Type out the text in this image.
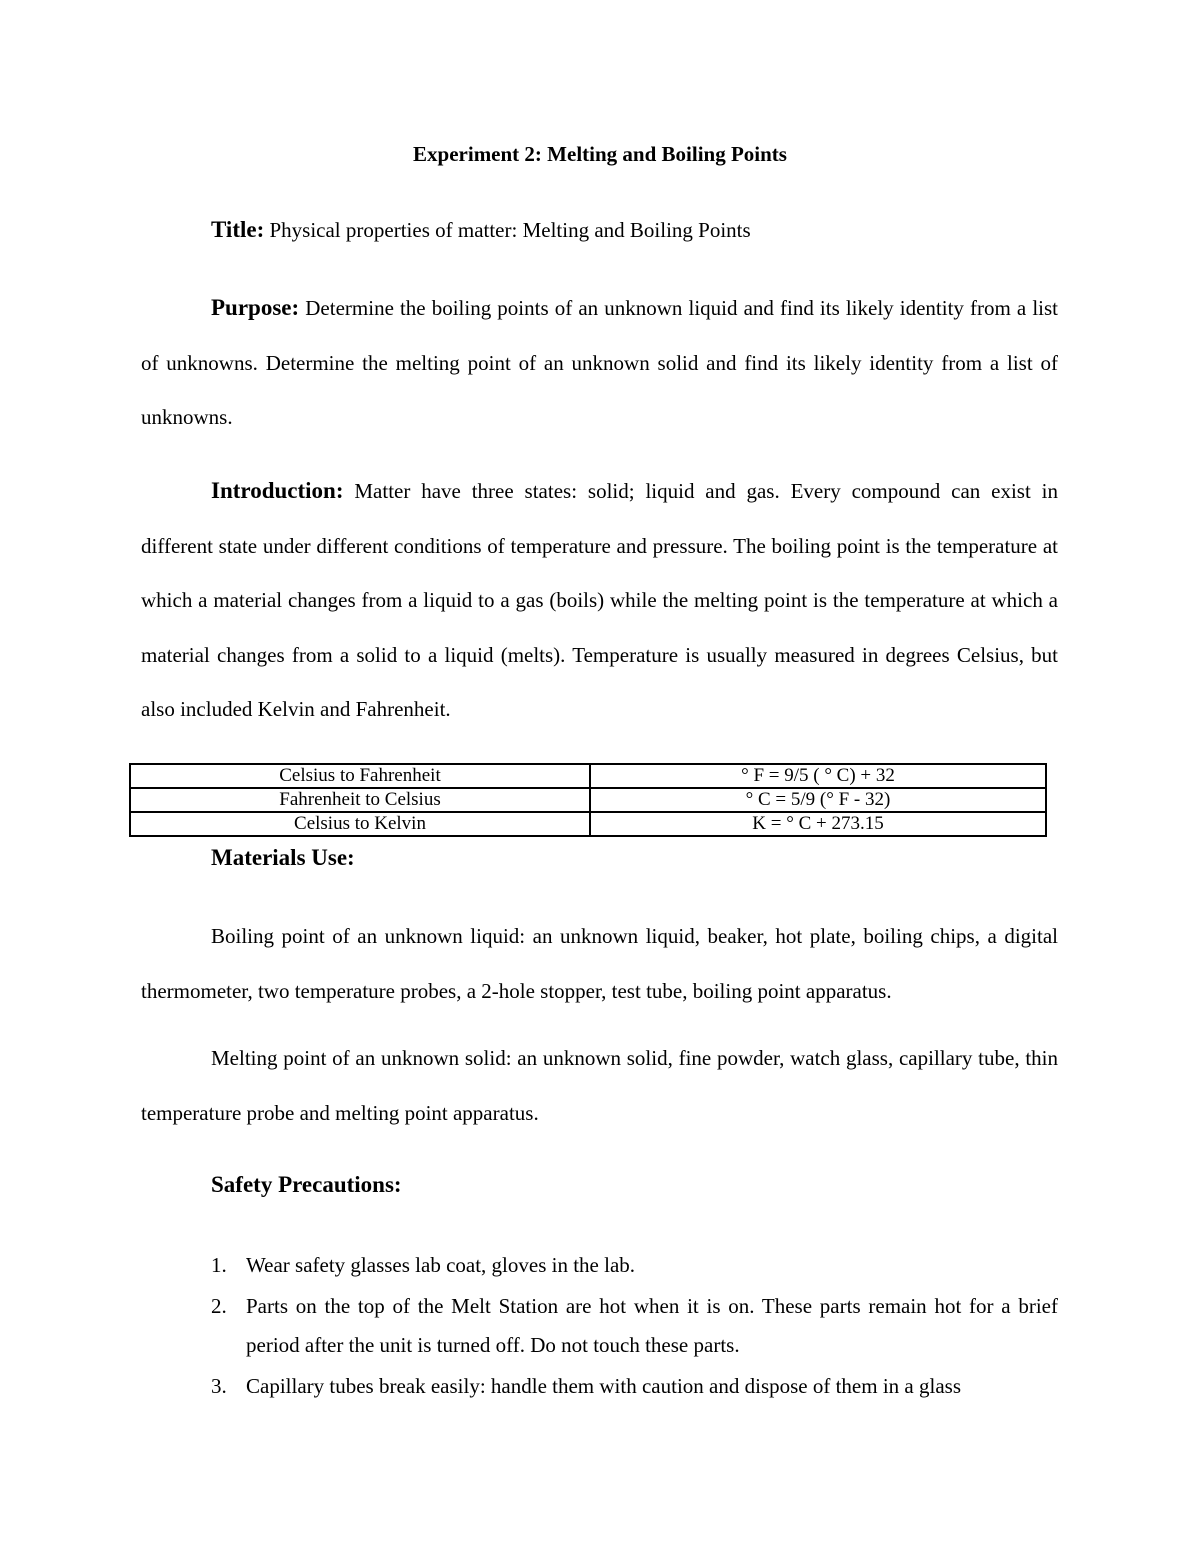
Experiment 2: Melting and Boiling Points

Title: Physical properties of matter: Melting and Boiling Points

Purpose: Determine the boiling points of an unknown liquid and find its likely identity from a list of unknowns. Determine the melting point of an unknown solid and find its likely identity from a list of unknowns.

Introduction: Matter have three states: solid; liquid and gas. Every compound can exist in different state under different conditions of temperature and pressure. The boiling point is the temperature at which a material changes from a liquid to a gas (boils) while the melting point is the temperature at which a material changes from a solid to a liquid (melts). Temperature is usually measured in degrees Celsius, but also included Kelvin and Fahrenheit.

Celsius to Fahrenheit	° F = 9/5 ( ° C) + 32
Fahrenheit to Celsius	° C = 5/9 (° F - 32)
Celsius to Kelvin	K = ° C + 273.15

Materials Use:

Boiling point of an unknown liquid: an unknown liquid, beaker, hot plate, boiling chips, a digital thermometer, two temperature probes, a 2-hole stopper, test tube, boiling point apparatus.

Melting point of an unknown solid: an unknown solid, fine powder, watch glass, capillary tube, thin temperature probe and melting point apparatus.

Safety Precautions:

1. Wear safety glasses lab coat, gloves in the lab.
2. Parts on the top of the Melt Station are hot when it is on. These parts remain hot for a brief period after the unit is turned off. Do not touch these parts.
3. Capillary tubes break easily: handle them with caution and dispose of them in a glass
